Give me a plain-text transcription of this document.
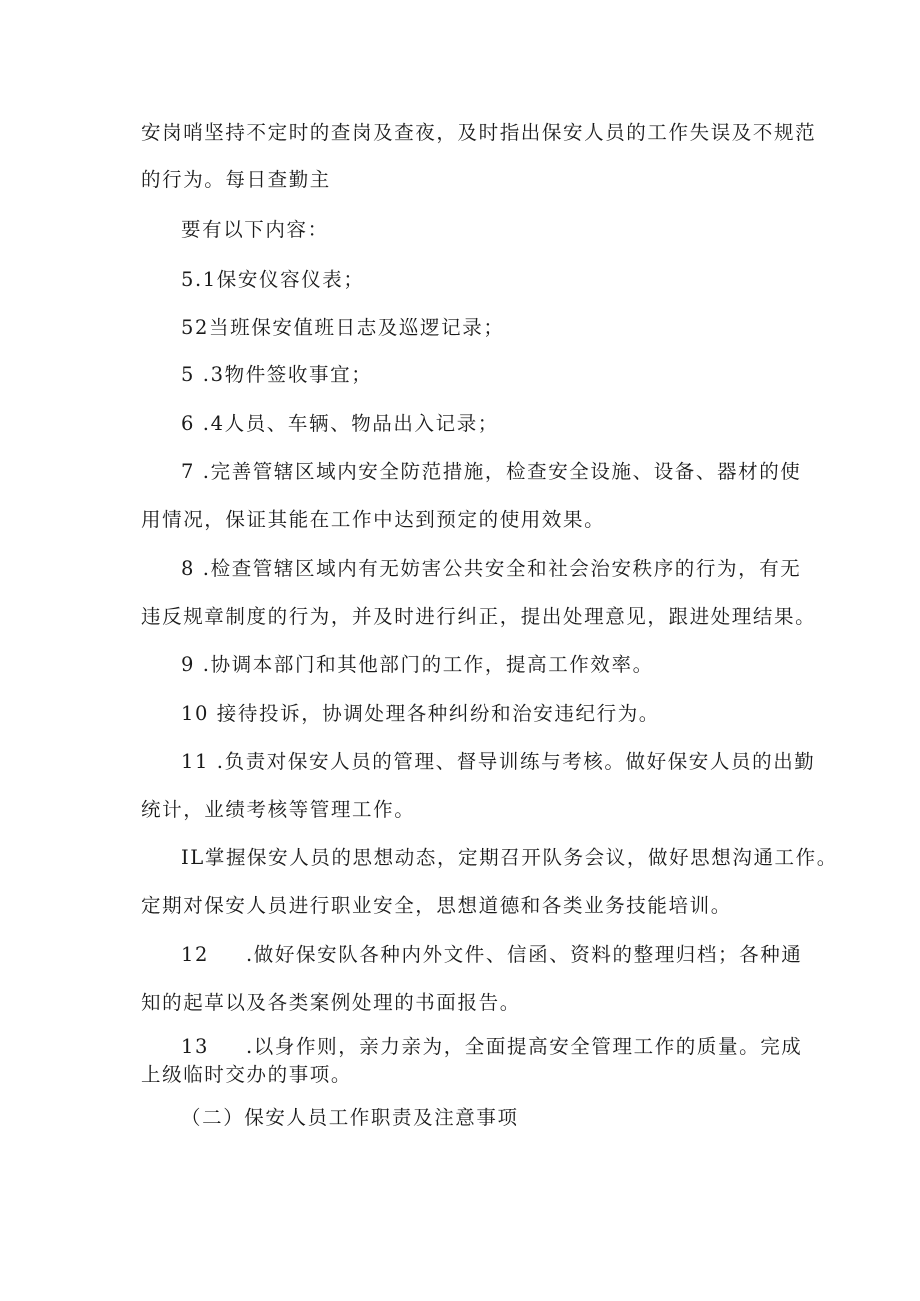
安岗哨坚持不定时的查岗及查夜，及时指出保安人员的工作失误及不规范
的行为。每日查勤主
要有以下内容：
5.1保安仪容仪表；
52当班保安值班日志及巡逻记录；
5 .3物件签收事宜；
6 .4人员、车辆、物品出入记录；
7 .完善管辖区域内安全防范措施，检查安全设施、设备、器材的使
用情况，保证其能在工作中达到预定的使用效果。
8 .检查管辖区域内有无妨害公共安全和社会治安秩序的行为，有无
违反规章制度的行为，并及时进行纠正，提出处理意见，跟进处理结果。
9 .协调本部门和其他部门的工作，提高工作效率。
10 接待投诉，协调处理各种纠纷和治安违纪行为。
11 .负责对保安人员的管理、督导训练与考核。做好保安人员的出勤
统计，业绩考核等管理工作。
IL掌握保安人员的思想动态，定期召开队务会议，做好思想沟通工作。
定期对保安人员进行职业安全，思想道德和各类业务技能培训。
12 .做好保安队各种内外文件、信函、资料的整理归档；各种通
知的起草以及各类案例处理的书面报告。
13 .以身作则，亲力亲为，全面提高安全管理工作的质量。完成
上级临时交办的事项。
（二）保安人员工作职责及注意事项
